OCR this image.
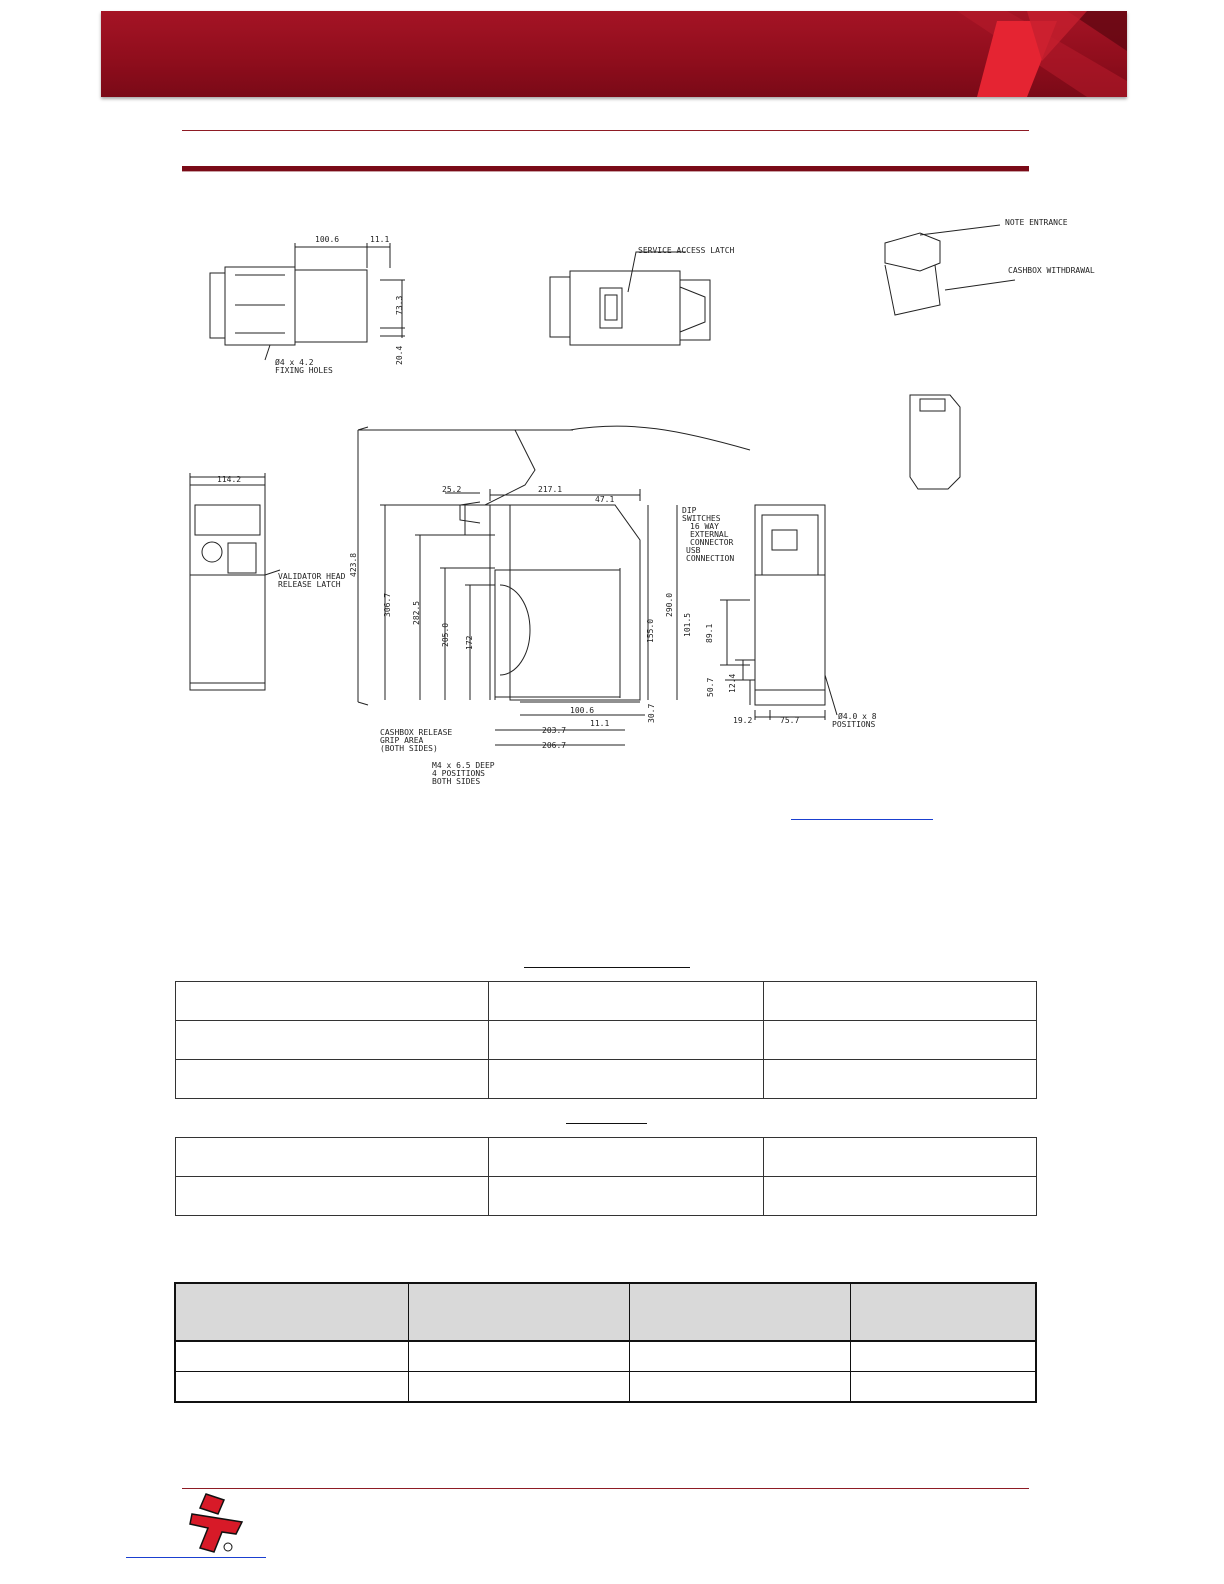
100.6	11.1
73.3
20.4
Ø4 x 4.2
FIXING HOLES
SERVICE ACCESS LATCH
NOTE ENTRANCE
CASHBOX WITHDRAWAL
114.2
VALIDATOR HEAD
RELEASE LATCH
25.2	217.1
47.1
423.8
306.7	282.5
205.0 172	155.0
290.0
100.6
11.1
30.7
203.7
206.7
CASHBOX RELEASE
GRIP AREA
(BOTH SIDES)
M4 x 6.5 DEEP
4 POSITIONS
BOTH SIDES
DIP
SWITCHES
16 WAY
EXTERNAL
CONNECTOR
USB
CONNECTION
101.5 89.1
12.4
50.7
19.2	75.7	Ø4.0 x 8
POSITIONS
